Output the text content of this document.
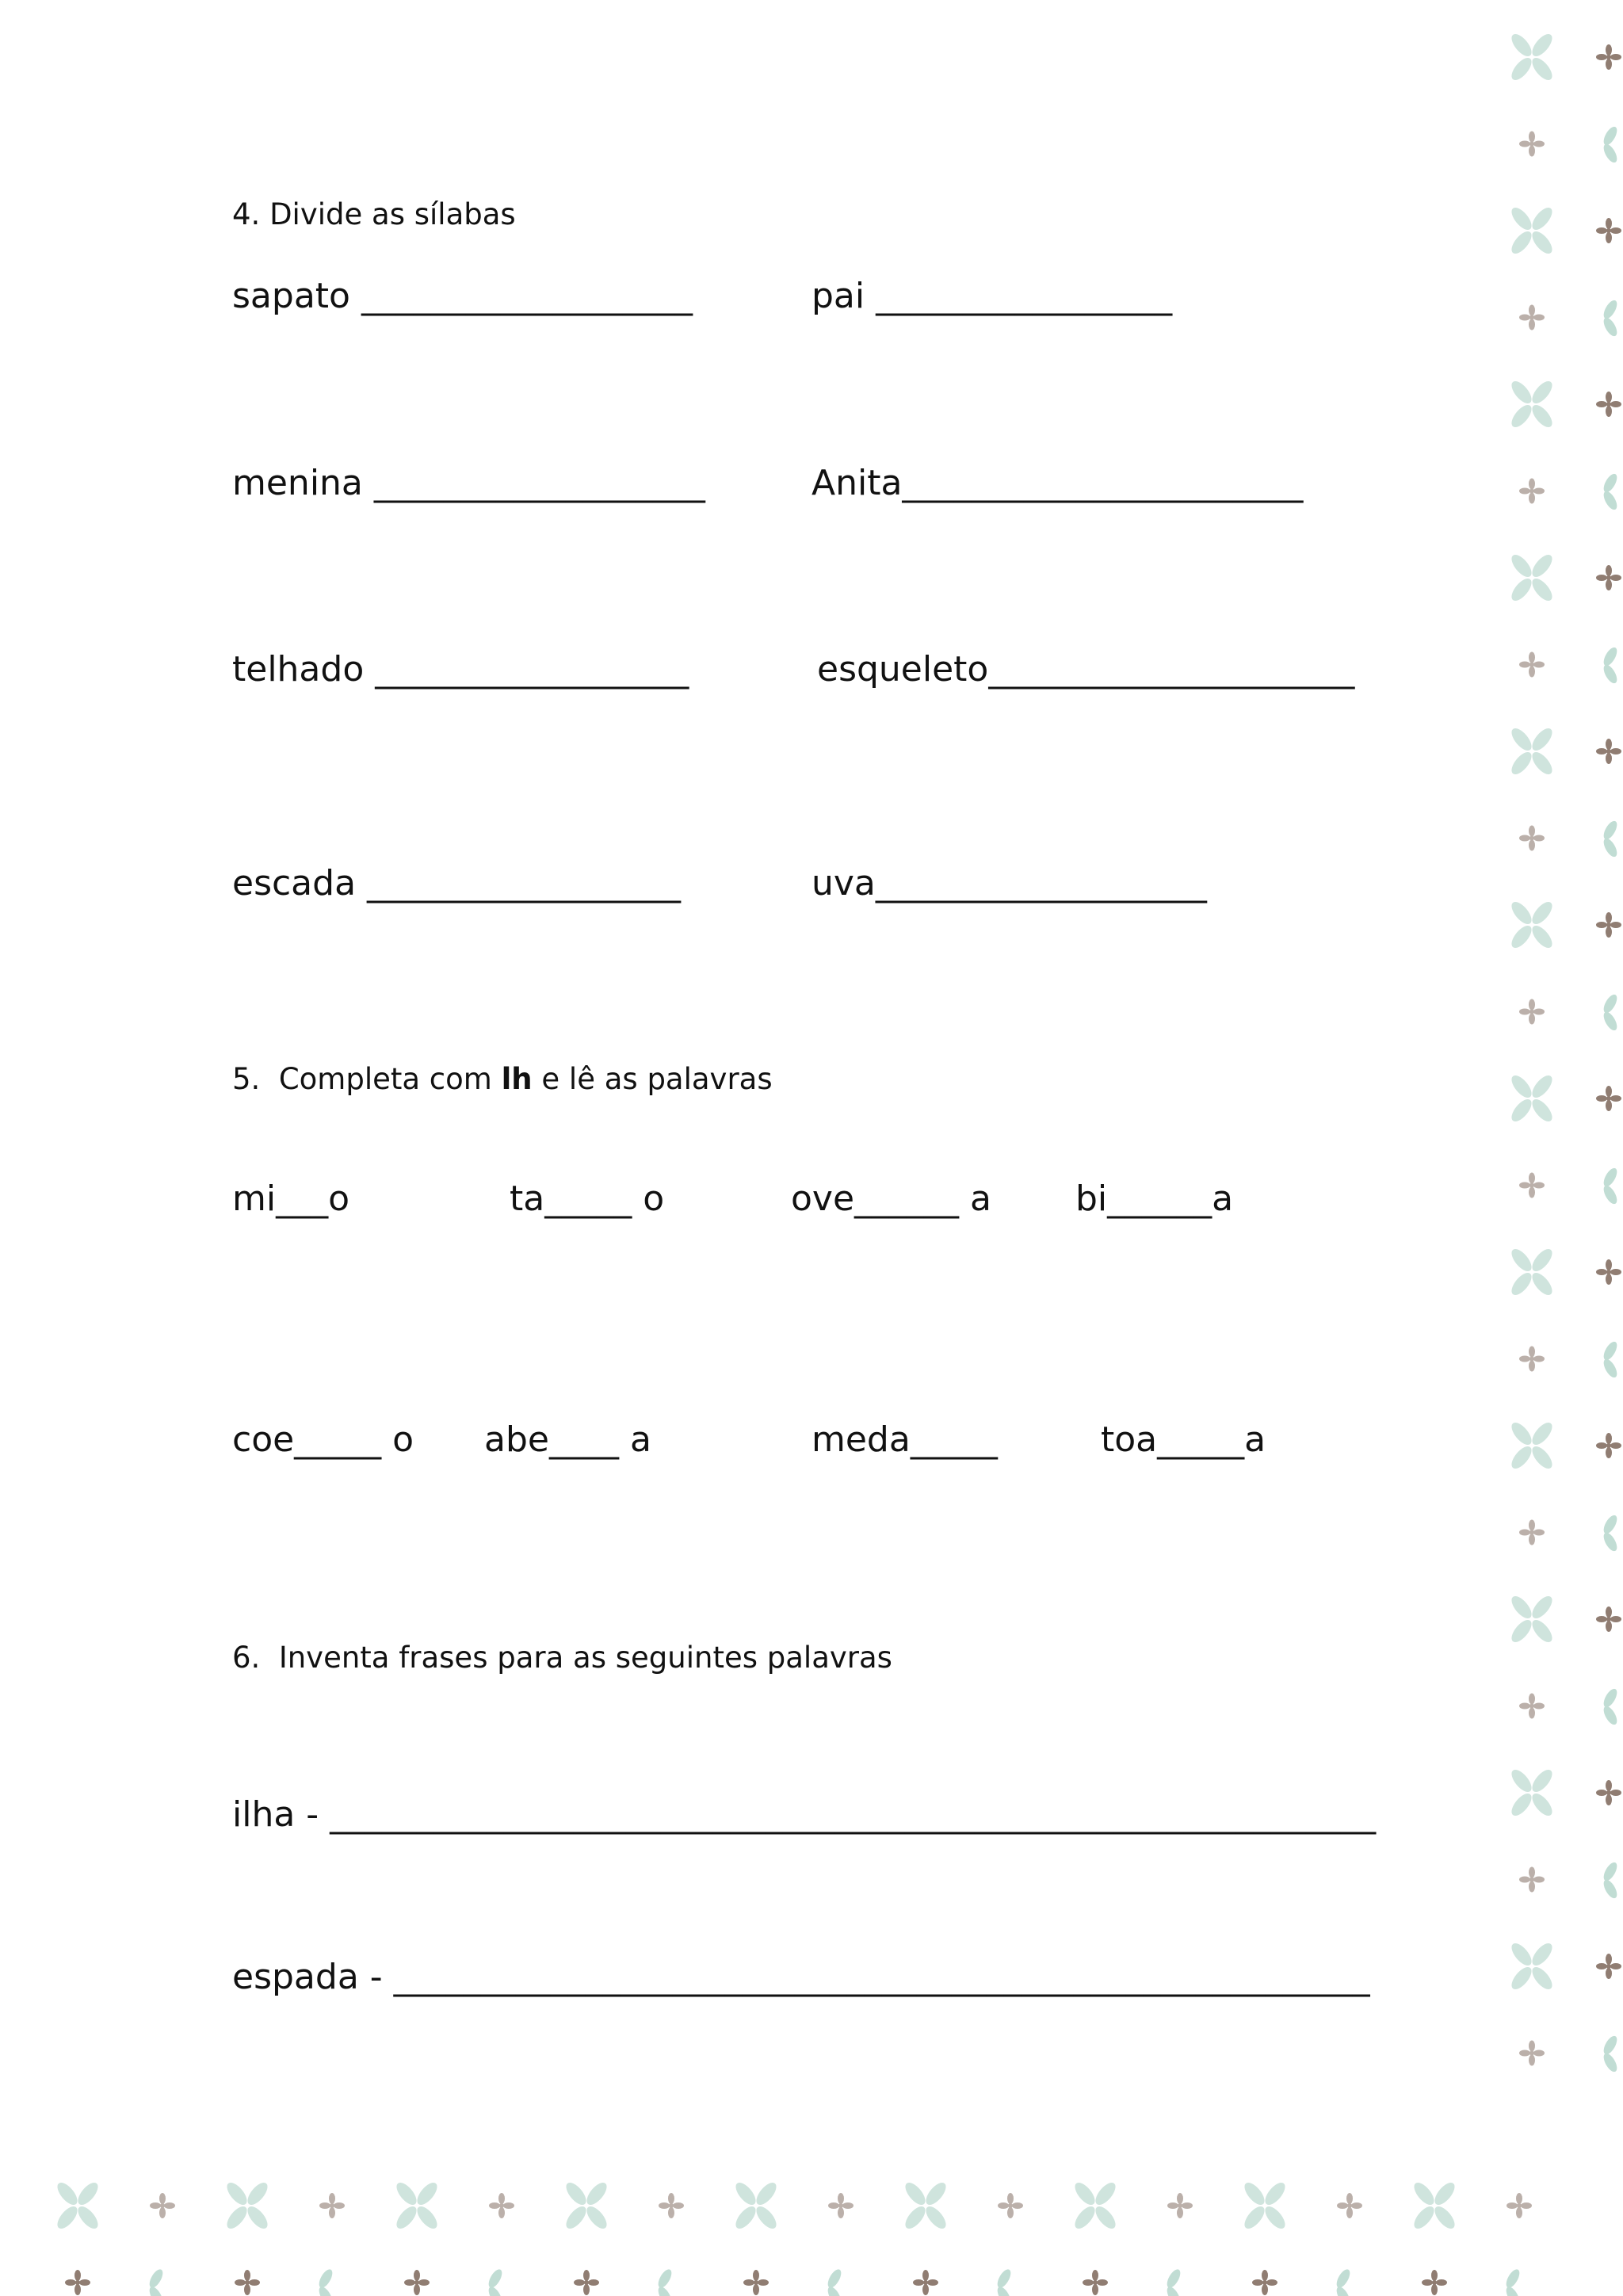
4. Divide as sílabas
sapato ___________________	pai _________________
menina ___________________	Anita_______________________
telhado __________________	esqueleto_____________________
escada __________________	uva___________________
5.  Completa com lh e lê as palavras
mi___o	ta_____ o	ove______ a bi______a
coe_____ o abe____ a	meda_____	toa_____a
6.  Inventa frases para as seguintes palavras
ilha - ____________________________________________________________
espada - ________________________________________________________
